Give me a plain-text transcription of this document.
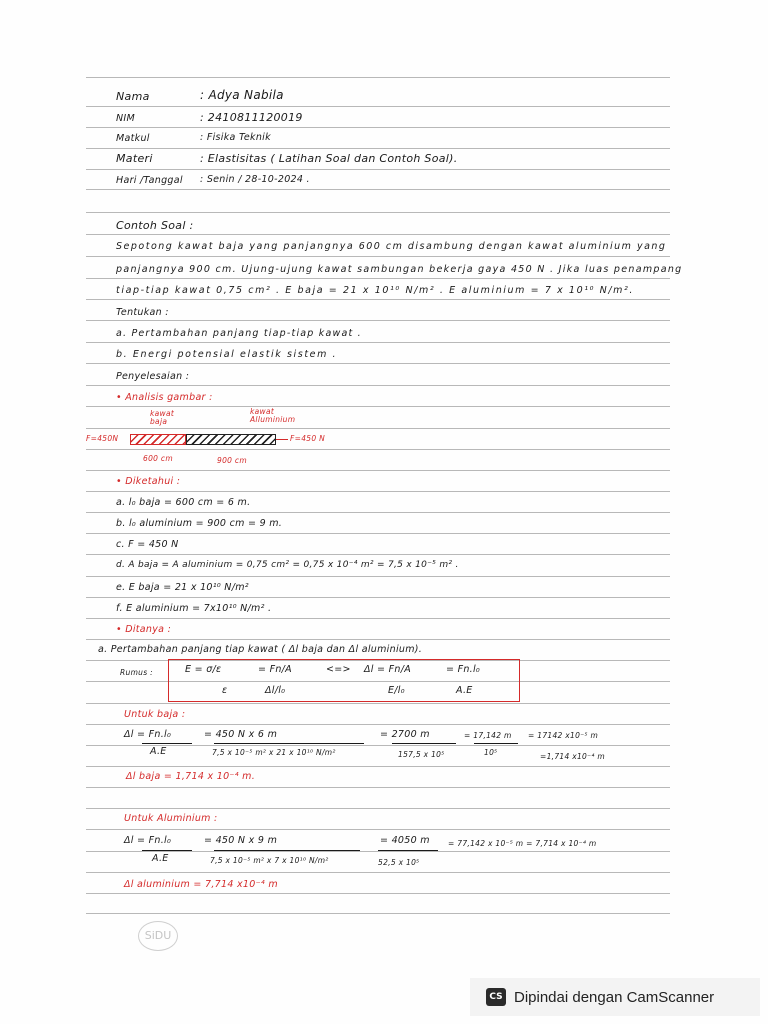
Nama	: Adya Nabila
NIM	: 2410811120019
Matkul	: Fisika Teknik
Materi	: Elastisitas ( Latihan Soal dan Contoh Soal).
Hari /Tanggal : Senin / 28-10-2024 .
Contoh Soal :
Sepotong kawat baja yang panjangnya 600 cm disambung dengan kawat aluminium yang
panjangnya 900 cm. Ujung-ujung kawat sambungan bekerja gaya 450 N . Jika luas penampang
tiap-tiap kawat 0,75 cm² . E baja = 21 x 10¹⁰ N/m² . E aluminium = 7 x 10¹⁰ N/m².
Tentukan :
a. Pertambahan panjang tiap-tiap kawat .
b. Energi potensial elastik sistem .
Penyelesaian :
• Analisis gambar :
kawat baja
kawat Alluminium
F=450N	F=450 N
600 cm	900 cm
• Diketahui :
a. l₀ baja = 600 cm = 6 m.
b. l₀ aluminium = 900 cm = 9 m.
c. F = 450 N
d. A baja = A aluminium = 0,75 cm² = 0,75 x 10⁻⁴ m² = 7,5 x 10⁻⁵ m² .
e. E baja = 21 x 10¹⁰ N/m²
f. E aluminium = 7x10¹⁰ N/m² .
• Ditanya :
a. Pertambahan panjang tiap kawat ( Δl baja dan Δl aluminium).
Rumus :	E = σ/ε	= Fn/A	<=> Δl = Fn/A	= Fn.l₀
ε	Δl/l₀	E/l₀	A.E
Untuk baja :
Δl = Fn.l₀
A.E
= 450 N x 6 m
7,5 x 10⁻⁵ m² x 21 x 10¹⁰ N/m²
= 2700 m
157,5 x 10⁵
= 17,142 m
10⁵
= 17142 x10⁻⁵ m
=1,714 x10⁻⁴ m
Δl baja = 1,714 x 10⁻⁴ m.
Untuk Aluminium :
Δl = Fn.l₀
A.E
= 450 N x 9 m
7,5 x 10⁻⁵ m² x 7 x 10¹⁰ N/m²
= 4050 m
52,5 x 10⁵
= 77,142 x 10⁻⁵ m = 7,714 x 10⁻⁴ m
Δl aluminium = 7,714 x10⁻⁴ m
SiDU
CS Dipindai dengan CamScanner
